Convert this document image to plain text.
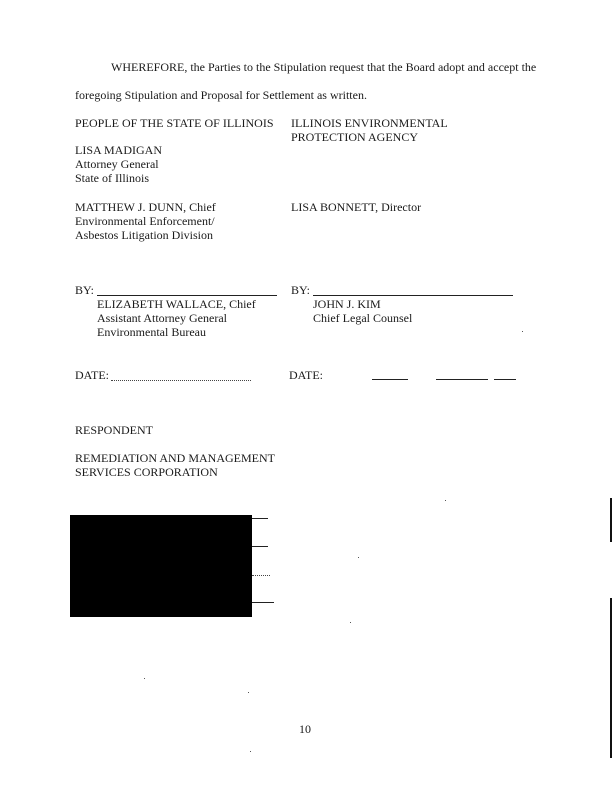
WHEREFORE, the Parties to the Stipulation request that the Board adopt and accept the
foregoing Stipulation and Proposal for Settlement as written.
PEOPLE OF THE STATE OF ILLINOIS
LISA MADIGAN
Attorney General
State of Illinois
MATTHEW J. DUNN, Chief
Environmental Enforcement/
Asbestos Litigation Division
BY:
ELIZABETH WALLACE, Chief
Assistant Attorney General
Environmental Bureau
DATE:
ILLINOIS ENVIRONMENTAL
PROTECTION AGENCY
LISA BONNETT, Director
BY:
JOHN J. KIM
Chief Legal Counsel
DATE:
RESPONDENT
REMEDIATION AND MANAGEMENT
SERVICES CORPORATION
10
